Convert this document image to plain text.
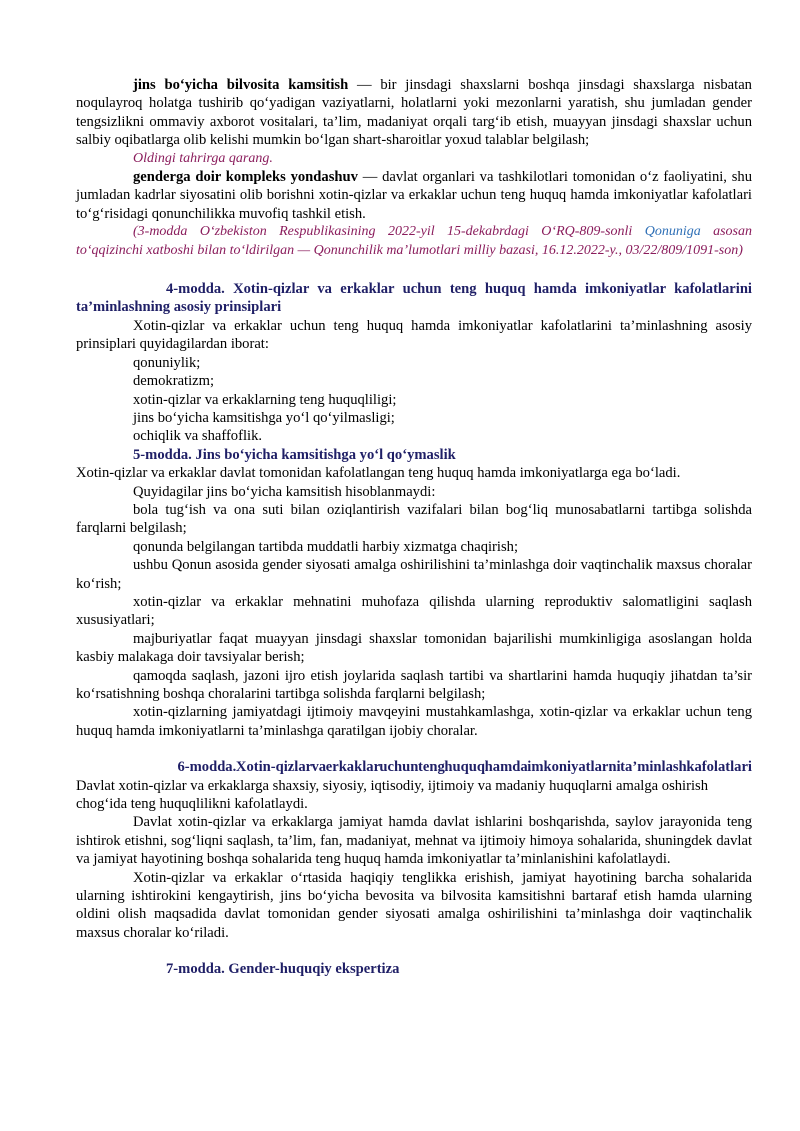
jins bo‘yicha bilvosita kamsitish — bir jinsdagi shaxslarni boshqa jinsdagi shaxslarga nisbatan noqulayroq holatga tushirib qo‘yadigan vaziyatlarni, holatlarni yoki mezonlarni yaratish, shu jumladan gender tengsizlikni ommaviy axborot vositalari, ta’lim, madaniyat orqali targ‘ib etish, muayyan jinsdagi shaxslar uchun salbiy oqibatlarga olib kelishi mumkin bo‘lgan shart-sharoitlar yoxud talablar belgilash;

Oldingi tahrirga qarang.

genderga doir kompleks yondashuv — davlat organlari va tashkilotlari tomonidan o‘z faoliyatini, shu jumladan kadrlar siyosatini olib borishni xotin-qizlar va erkaklar uchun teng huquq hamda imkoniyatlar kafolatlari to‘g‘risidagi qonunchilikka muvofiq tashkil etish.

(3-modda O‘zbekiston Respublikasining 2022-yil 15-dekabrdagi O‘RQ-809-sonli Qonuniga asosan to‘qqizinchi xatboshi bilan to‘ldirilgan — Qonunchilik ma’lumotlari milliy bazasi, 16.12.2022-y., 03/22/809/1091-son)

4-modda. Xotin-qizlar va erkaklar uchun teng huquq hamda imkoniyatlar kafolatlarini ta’minlashning asosiy prinsiplari

Xotin-qizlar va erkaklar uchun teng huquq hamda imkoniyatlar kafolatlarini ta’minlashning asosiy prinsiplari quyidagilardan iborat:

qonuniylik;

demokratizm;

xotin-qizlar va erkaklarning teng huquqliligi;

jins bo‘yicha kamsitishga yo‘l qo‘yilmasligi;

ochiqlik va shaffoflik.

5-modda. Jins bo‘yicha kamsitishga yo‘l qo‘ymaslik

Xotin-qizlar va erkaklar davlat tomonidan kafolatlangan teng huquq hamda imkoniyatlarga ega bo‘ladi.

Quyidagilar jins bo‘yicha kamsitish hisoblanmaydi:

bola tug‘ish va ona suti bilan oziqlantirish vazifalari bilan bog‘liq munosabatlarni tartibga solishda farqlarni belgilash;

qonunda belgilangan tartibda muddatli harbiy xizmatga chaqirish;

ushbu Qonun asosida gender siyosati amalga oshirilishini ta’minlashga doir vaqtinchalik maxsus choralar ko‘rish;

xotin-qizlar va erkaklar mehnatini muhofaza qilishda ularning reproduktiv salomatligini saqlash xususiyatlari;

majburiyatlar faqat muayyan jinsdagi shaxslar tomonidan bajarilishi mumkinligiga asoslangan holda kasbiy malakaga doir tavsiyalar berish;

qamoqda saqlash, jazoni ijro etish joylarida saqlash tartibi va shartlarini hamda huquqiy jihatdan ta’sir ko‘rsatishning boshqa choralarini tartibga solishda farqlarni belgilash;

xotin-qizlarning jamiyatdagi ijtimoiy mavqeyini mustahkamlashga, xotin-qizlar va erkaklar uchun teng huquq hamda imkoniyatlarni ta’minlashga qaratilgan ijobiy choralar.

6-modda. Xotin-qizlar va erkaklar uchun teng huquq hamda imkoniyatlarni ta’minlash kafolatlari

Davlat xotin-qizlar va erkaklarga shaxsiy, siyosiy, iqtisodiy, ijtimoiy va madaniy huquqlarni amalga oshirish chog‘ida teng huquqlilikni kafolatlaydi.

Davlat xotin-qizlar va erkaklarga jamiyat hamda davlat ishlarini boshqarishda, saylov jarayonida teng ishtirok etishni, sog‘liqni saqlash, ta’lim, fan, madaniyat, mehnat va ijtimoiy himoya sohalarida, shuningdek davlat va jamiyat hayotining boshqa sohalarida teng huquq hamda imkoniyatlar ta’minlanishini kafolatlaydi.

Xotin-qizlar va erkaklar o‘rtasida haqiqiy tenglikka erishish, jamiyat hayotining barcha sohalarida ularning ishtirokini kengaytirish, jins bo‘yicha bevosita va bilvosita kamsitishni bartaraf etish hamda ularning oldini olish maqsadida davlat tomonidan gender siyosati amalga oshirilishini ta’minlashga doir vaqtinchalik maxsus choralar ko‘riladi.

7-modda. Gender-huquqiy ekspertiza
